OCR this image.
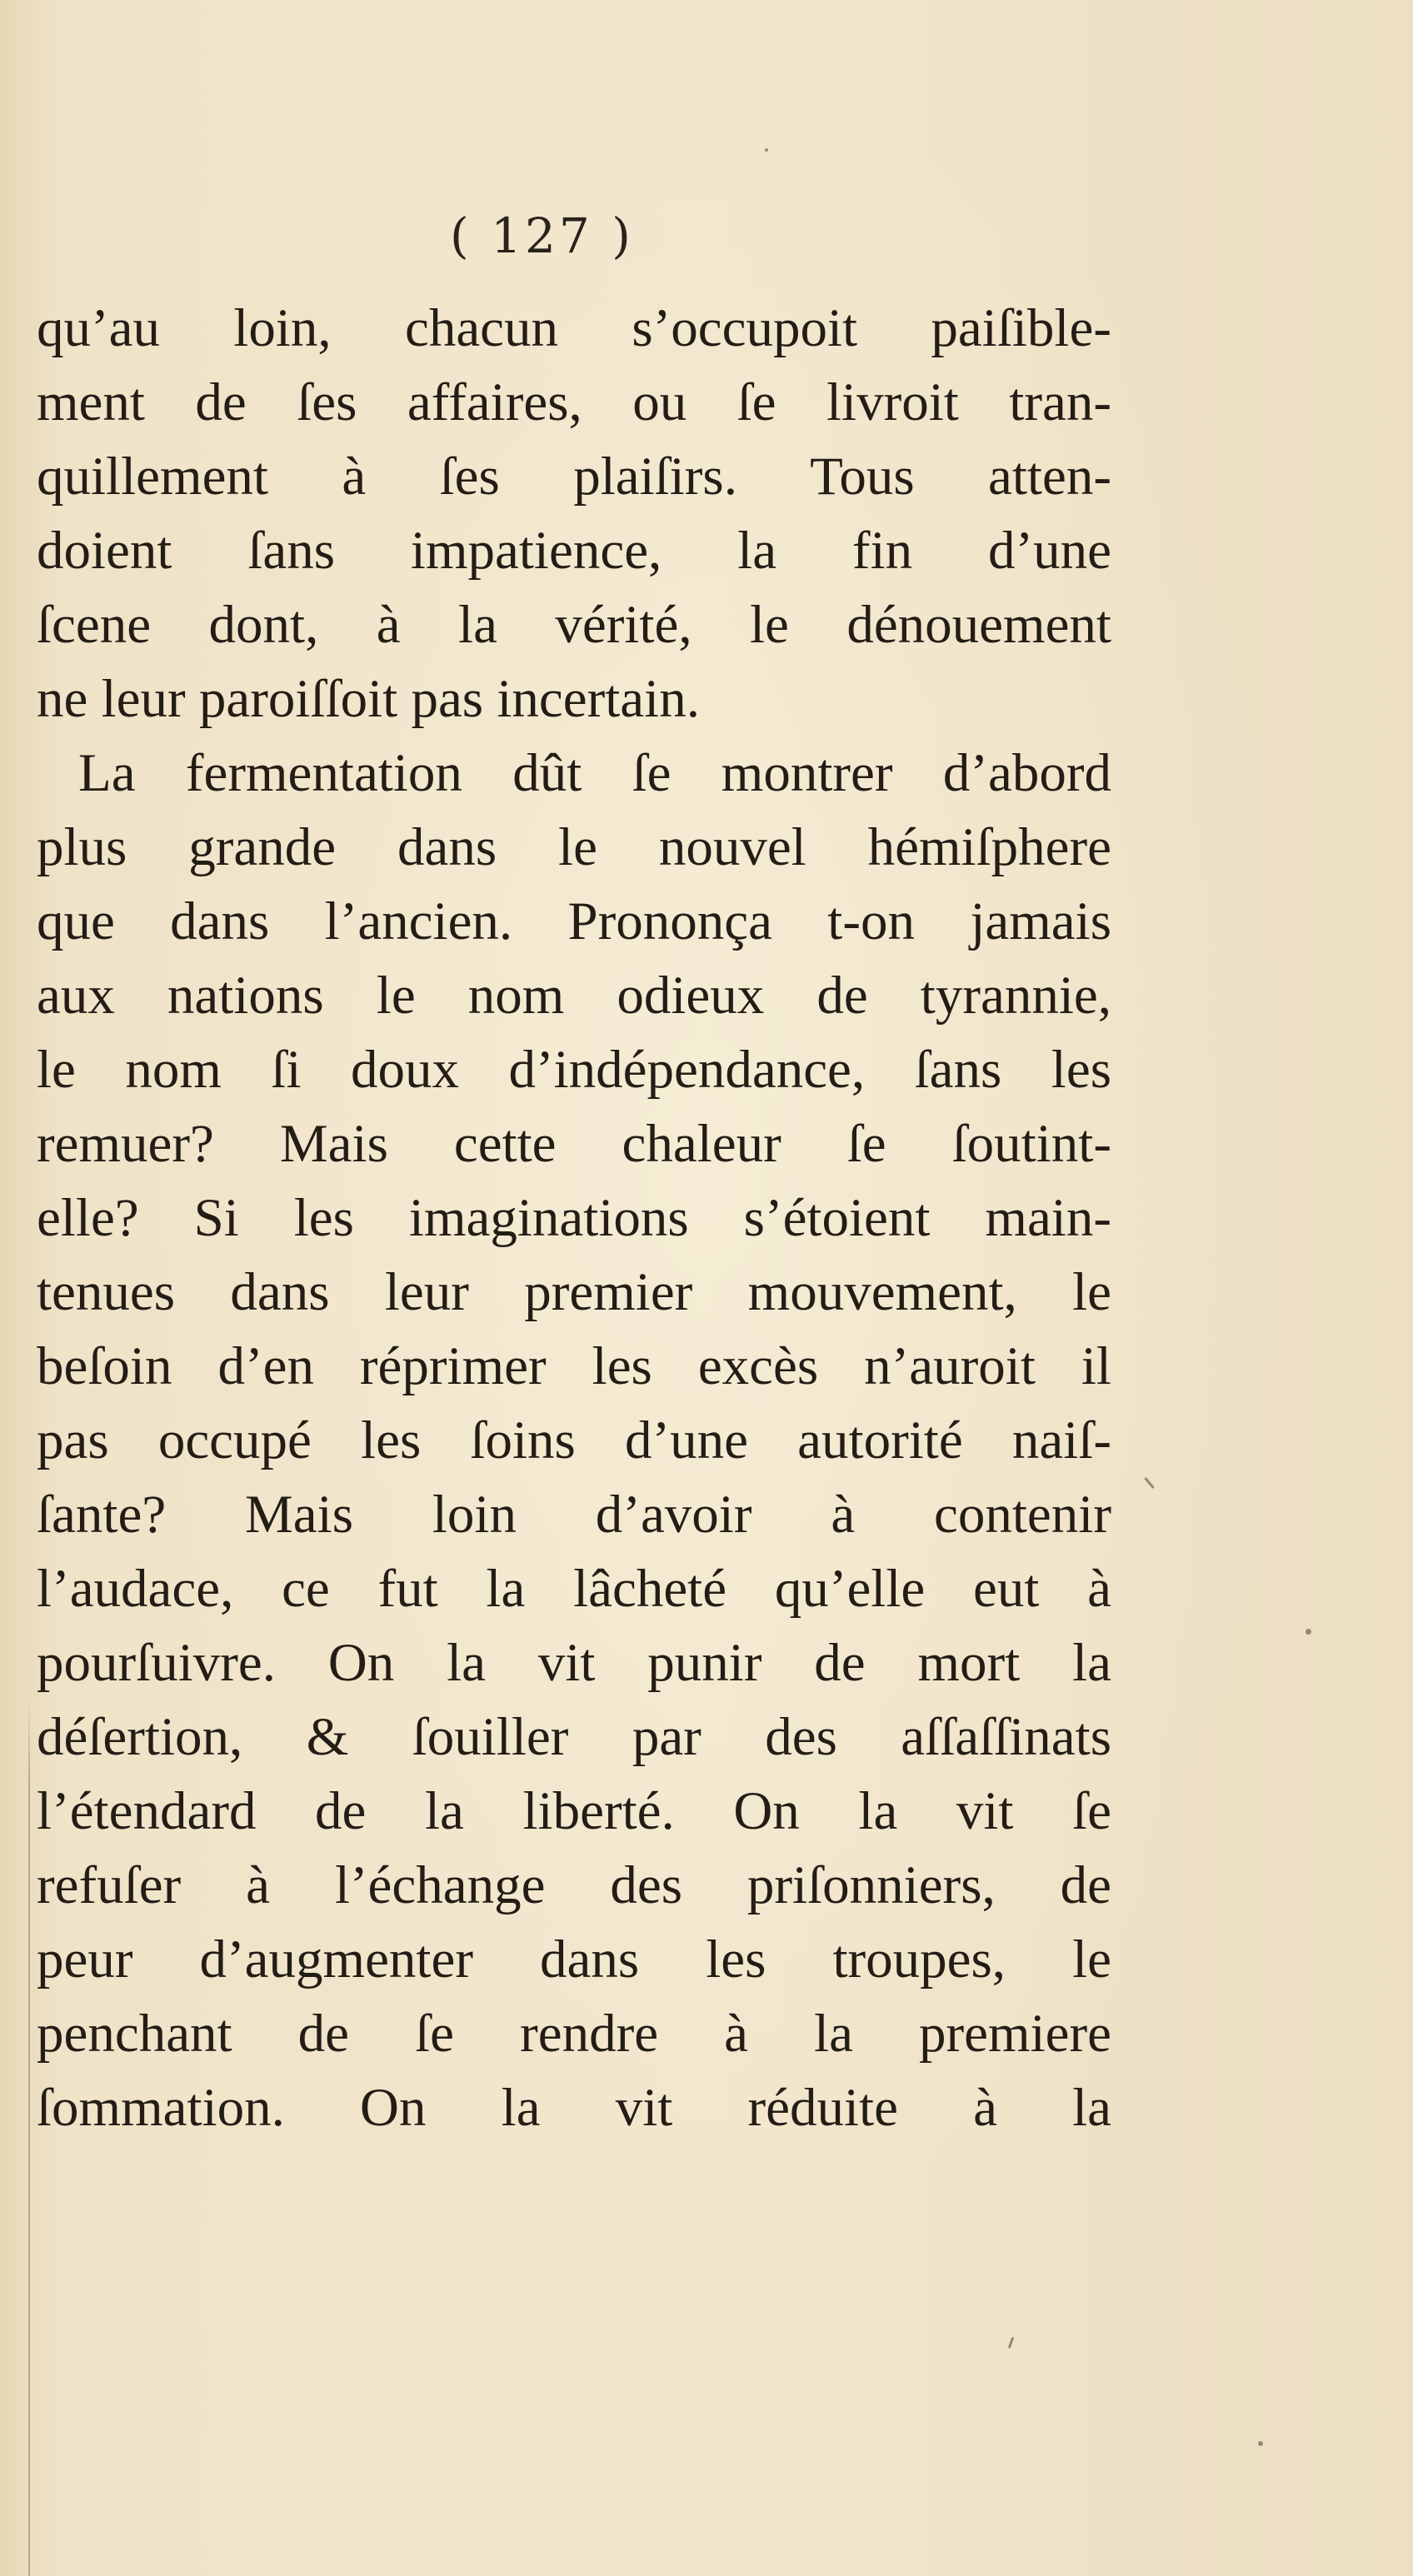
( 127 )
qu’au loin, chacun s’occupoit paiſible-
ment de ſes affaires, ou ſe livroit tran-
quillement à ſes plaiſirs. Tous atten-
doient ſans impatience, la fin d’une
ſcene dont, à la vérité, le dénouement
ne leur paroiſſoit pas incertain.
La fermentation dût ſe montrer d’abord
plus grande dans le nouvel hémiſphere
que dans l’ancien. Prononça t-on jamais
aux nations le nom odieux de tyrannie,
le nom ſi doux d’indépendance, ſans les
remuer? Mais cette chaleur ſe ſoutint-
elle? Si les imaginations s’étoient main-
tenues dans leur premier mouvement, le
beſoin d’en réprimer les excès n’auroit il
pas occupé les ſoins d’une autorité naiſ-
ſante? Mais loin d’avoir à contenir
l’audace, ce fut la lâcheté qu’elle eut à
pourſuivre. On la vit punir de mort la
déſertion, & ſouiller par des aſſaſſinats
l’étendard de la liberté. On la vit ſe
refuſer à l’échange des priſonniers, de
peur d’augmenter dans les troupes, le
penchant de ſe rendre à la premiere
ſommation. On la vit réduite à la
